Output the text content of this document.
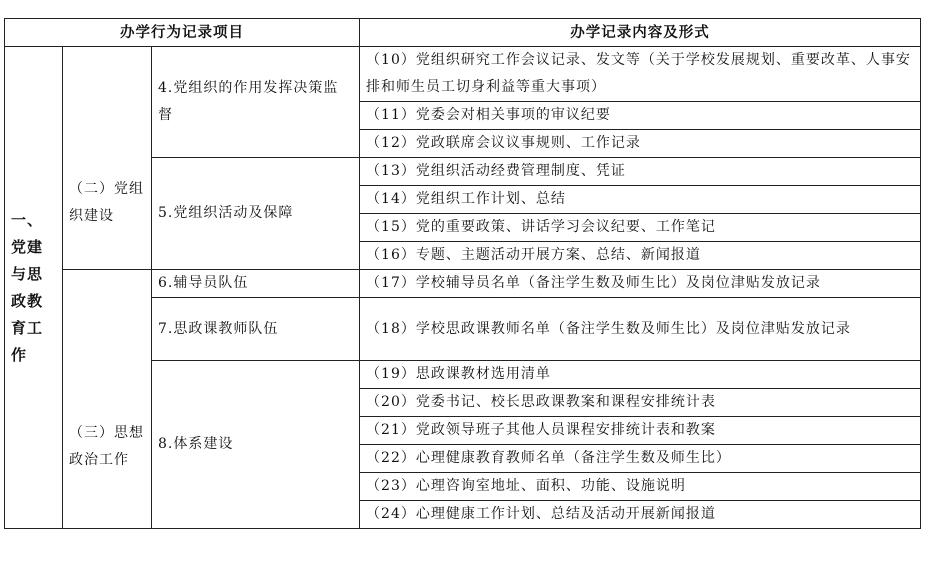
办学行为记录项目			办学记录内容及形式
一、党建与思政教育工作	（二）党组织建设	4.党组织的作用发挥决策监督	（10）党组织研究工作会议记录、发文等（关于学校发展规划、重要改革、人事安排和师生员工切身利益等重大事项）
			（11）党委会对相关事项的审议纪要
			（12）党政联席会议议事规则、工作记录
		5.党组织活动及保障	（13）党组织活动经费管理制度、凭证
			（14）党组织工作计划、总结
			（15）党的重要政策、讲话学习会议纪要、工作笔记
			（16）专题、主题活动开展方案、总结、新闻报道

	（三）思想政治工作	6.辅导员队伍	（17）学校辅导员名单（备注学生数及师生比）及岗位津贴发放记录
		7.思政课教师队伍	（18）学校思政课教师名单（备注学生数及师生比）及岗位津贴发放记录
		8.体系建设	（19）思政课教材选用清单
			（20）党委书记、校长思政课教案和课程安排统计表
			（21）党政领导班子其他人员课程安排统计表和教案
			（22）心理健康教育教师名单（备注学生数及师生比）
			（23）心理咨询室地址、面积、功能、设施说明
			（24）心理健康工作计划、总结及活动开展新闻报道
